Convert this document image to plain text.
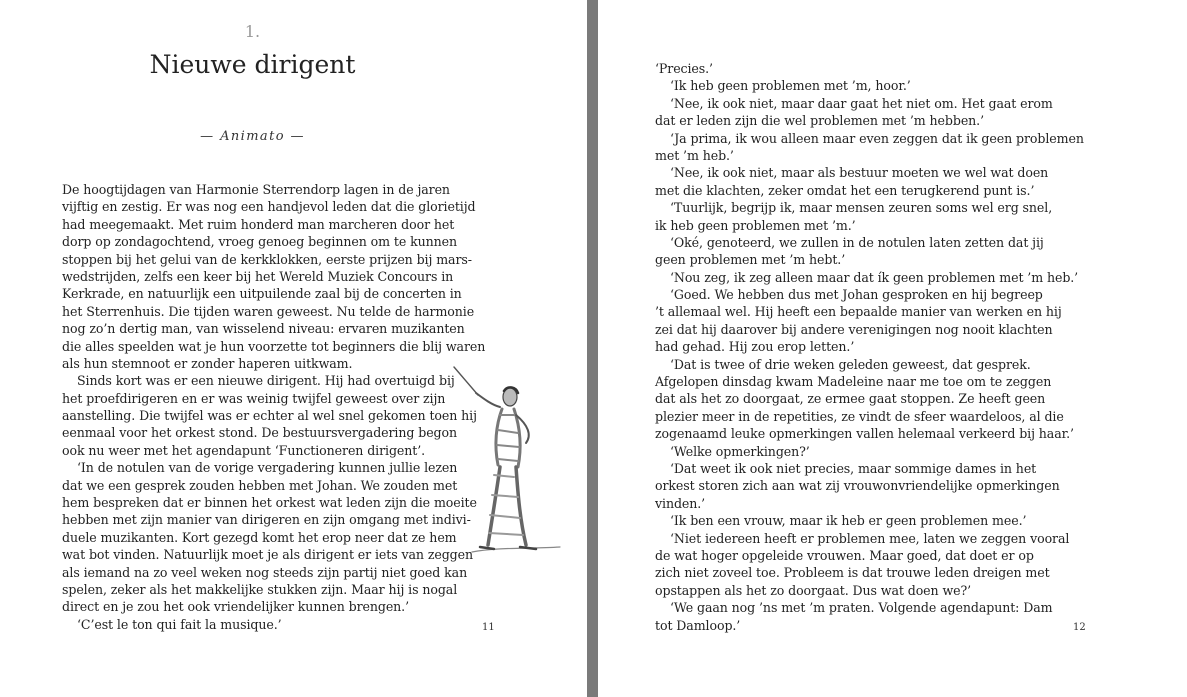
1.
Nieuwe dirigent
— Animato —
De hoogtijdagen van Harmonie Sterrendorp lagen in de jaren
vijftig en zestig. Er was nog een handjevol leden dat die glorietijd
had meegemaakt. Met ruim honderd man marcheren door het
dorp op zondagochtend, vroeg genoeg beginnen om te kunnen
stoppen bij het gelui van de kerkklokken, eerste prijzen bij mars-
wedstrijden, zelfs een keer bij het Wereld Muziek Concours in
Kerkrade, en natuurlijk een uitpuilende zaal bij de concerten in
het Sterrenhuis. Die tijden waren geweest. Nu telde de harmonie
nog zo’n dertig man, van wisselend niveau: ervaren muzikanten
die alles speelden wat je hun voorzette tot beginners die blij waren
als hun stemnoot er zonder haperen uitkwam.
Sinds kort was er een nieuwe dirigent. Hij had overtuigd bij
het proefdirigeren en er was weinig twijfel geweest over zijn
aanstelling. Die twijfel was er echter al wel snel gekomen toen hij
eenmaal voor het orkest stond. De bestuursvergadering begon
ook nu weer met het agendapunt ‘Functioneren dirigent’.
‘In de notulen van de vorige vergadering kunnen jullie lezen
dat we een gesprek zouden hebben met Johan. We zouden met
hem bespreken dat er binnen het orkest wat leden zijn die moeite
hebben met zijn manier van dirigeren en zijn omgang met indivi-
duele muzikanten. Kort gezegd komt het erop neer dat ze hem
wat bot vinden. Natuurlijk moet je als dirigent er iets van zeggen
als iemand na zo veel weken nog steeds zijn partij niet goed kan
spelen, zeker als het makkelijke stukken zijn. Maar hij is nogal
direct en je zou het ook vriendelijker kunnen brengen.’
‘C’est le ton qui fait la musique.’	11
‘Precies.’
‘Ik heb geen problemen met ’m, hoor.’
‘Nee, ik ook niet, maar daar gaat het niet om. Het gaat erom
dat er leden zijn die wel problemen met ’m hebben.’
‘Ja prima, ik wou alleen maar even zeggen dat ik geen problemen
met ’m heb.’
‘Nee, ik ook niet, maar als bestuur moeten we wel wat doen
met die klachten, zeker omdat het een terugkerend punt is.’
‘Tuurlijk, begrijp ik, maar mensen zeuren soms wel erg snel,
ik heb geen problemen met ’m.’
‘Oké, genoteerd, we zullen in de notulen laten zetten dat jij
geen problemen met ’m hebt.’
‘Nou zeg, ik zeg alleen maar dat ík geen problemen met ’m heb.’
‘Goed. We hebben dus met Johan gesproken en hij begreep
’t allemaal wel. Hij heeft een bepaalde manier van werken en hij
zei dat hij daarover bij andere verenigingen nog nooit klachten
had gehad. Hij zou erop letten.’
‘Dat is twee of drie weken geleden geweest, dat gesprek.
Afgelopen dinsdag kwam Madeleine naar me toe om te zeggen
dat als het zo doorgaat, ze ermee gaat stoppen. Ze heeft geen
plezier meer in de repetities, ze vindt de sfeer waardeloos, al die
zogenaamd leuke opmerkingen vallen helemaal verkeerd bij haar.’
‘Welke opmerkingen?’
‘Dat weet ik ook niet precies, maar sommige dames in het
orkest storen zich aan wat zij vrouwonvriendelijke opmerkingen
vinden.’
‘Ik ben een vrouw, maar ik heb er geen problemen mee.’
‘Niet iedereen heeft er problemen mee, laten we zeggen vooral
de wat hoger opgeleide vrouwen. Maar goed, dat doet er op
zich niet zoveel toe. Probleem is dat trouwe leden dreigen met
opstappen als het zo doorgaat. Dus wat doen we?’
‘We gaan nog ’ns met ’m praten. Volgende agendapunt: Dam
tot Damloop.’	12
